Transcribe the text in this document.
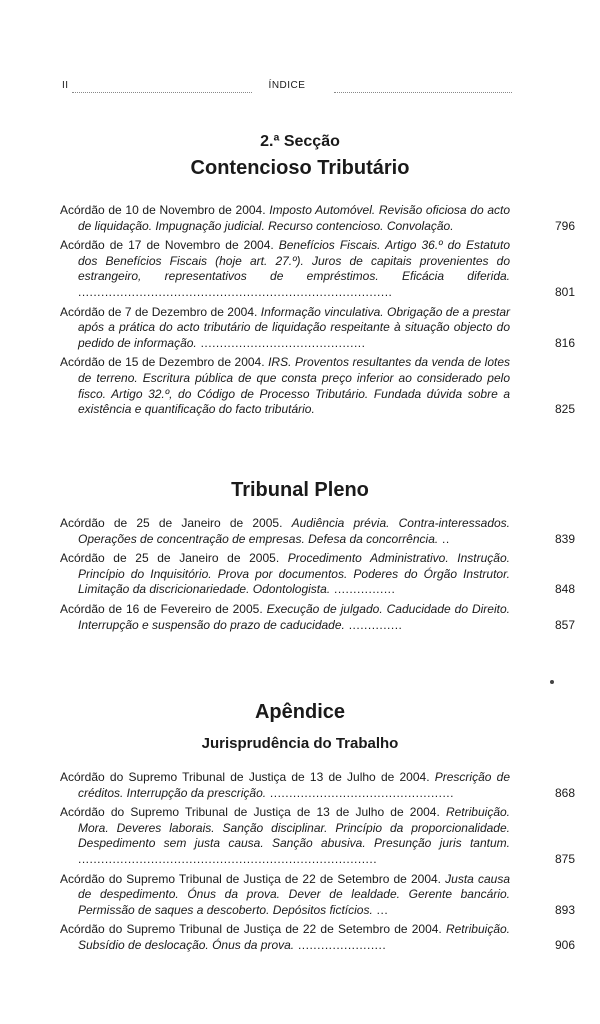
II	ÍNDICE
2.ª Secção
Contencioso Tributário
Acórdão de 10 de Novembro de 2004. Imposto Automóvel. Revisão oficiosa do acto de liquidação. Impugnação judicial. Recurso contencioso. Convolação.	796
Acórdão de 17 de Novembro de 2004. Benefícios Fiscais. Artigo 36.º do Estatuto dos Benefícios Fiscais (hoje art. 27.º). Juros de capitais provenientes do estrangeiro, representativos de empréstimos. Eficácia diferida. ..................................................................................	801
Acórdão de 7 de Dezembro de 2004. Informação vinculativa. Obrigação de a prestar após a prática do acto tributário de liquidação respeitante à situação objecto do pedido de informação. ...........................................	816
Acórdão de 15 de Dezembro de 2004. IRS. Proventos resultantes da venda de lotes de terreno. Escritura pública de que consta preço inferior ao considerado pelo fisco. Artigo 32.º, do Código de Processo Tributário. Fundada dúvida sobre a existência e quantificação do facto tributário.	825
Tribunal Pleno
Acórdão de 25 de Janeiro de 2005. Audiência prévia. Contra-interessados. Operações de concentração de empresas. Defesa da concorrência. ..	839
Acórdão de 25 de Janeiro de 2005. Procedimento Administrativo. Instrução. Princípio do Inquisitório. Prova por documentos. Poderes do Órgão Instrutor. Limitação da discricionariedade. Odontologista. ................	848
Acórdão de 16 de Fevereiro de 2005. Execução de julgado. Caducidade do Direito. Interrupção e suspensão do prazo de caducidade. ..............	857
Apêndice
Jurisprudência do Trabalho
Acórdão do Supremo Tribunal de Justiça de 13 de Julho de 2004. Prescrição de créditos. Interrupção da prescrição. ................................................	868
Acórdão do Supremo Tribunal de Justiça de 13 de Julho de 2004. Retribuição. Mora. Deveres laborais. Sanção disciplinar. Princípio da proporcionalidade. Despedimento sem justa causa. Sanção abusiva. Presunção juris tantum. ..............................................................................	875
Acórdão do Supremo Tribunal de Justiça de 22 de Setembro de 2004. Justa causa de despedimento. Ónus da prova. Dever de lealdade. Gerente bancário. Permissão de saques a descoberto. Depósitos fictícios. ...	893
Acórdão do Supremo Tribunal de Justiça de 22 de Setembro de 2004. Retribuição. Subsídio de deslocação. Ónus da prova. .......................	906
